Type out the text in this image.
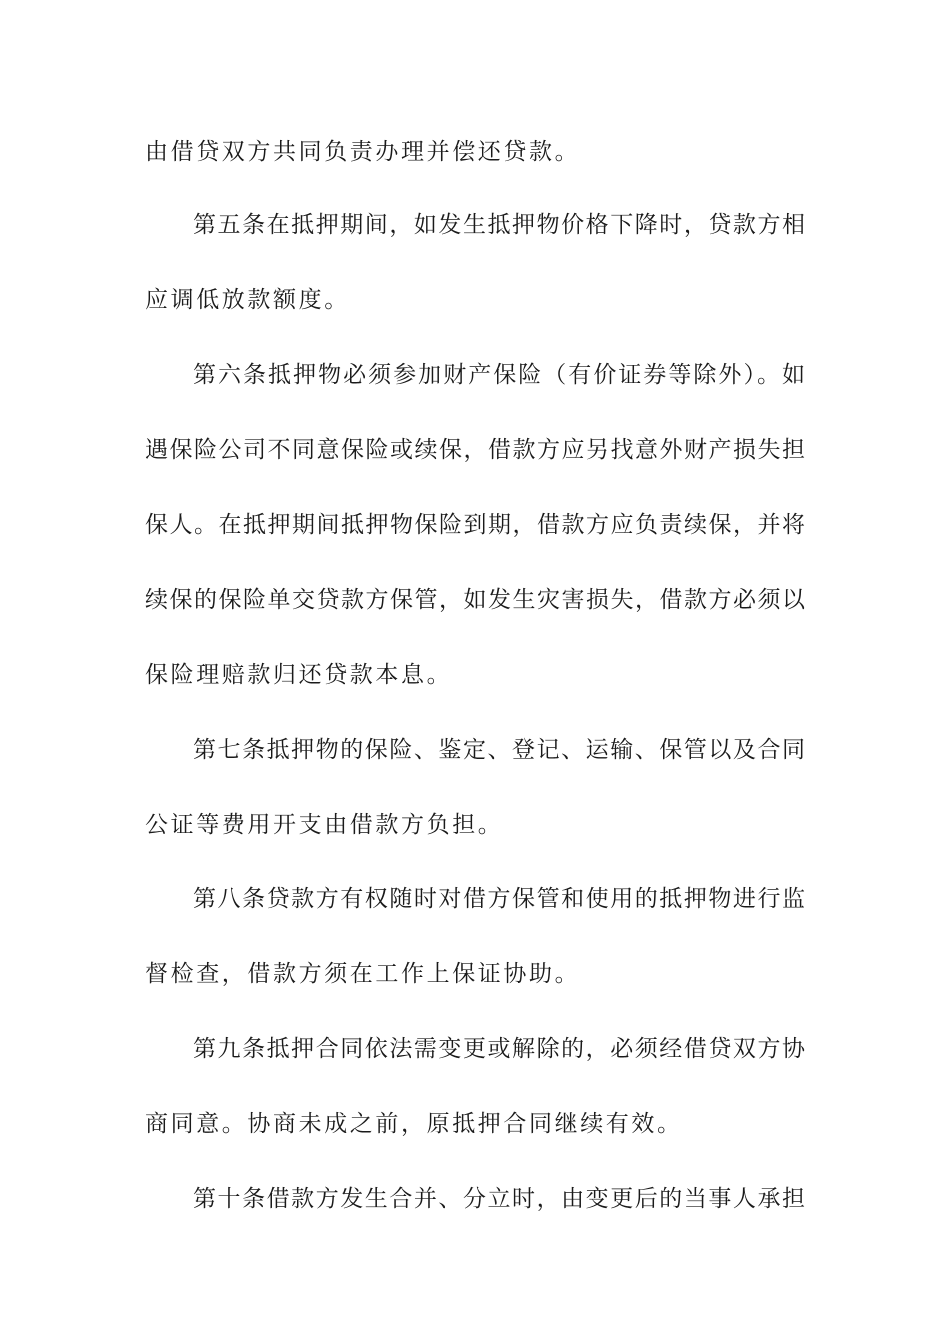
由借贷双方共同负责办理并偿还贷款。
第五条在抵押期间，如发生抵押物价格下降时，贷款方相
应调低放款额度。
第六条抵押物必须参加财产保险（有价证券等除外）。如
遇保险公司不同意保险或续保，借款方应另找意外财产损失担
保人。在抵押期间抵押物保险到期，借款方应负责续保，并将
续保的保险单交贷款方保管，如发生灾害损失，借款方必须以
保险理赔款归还贷款本息。
第七条抵押物的保险、鉴定、登记、运输、保管以及合同
公证等费用开支由借款方负担。
第八条贷款方有权随时对借方保管和使用的抵押物进行监
督检查，借款方须在工作上保证协助。
第九条抵押合同依法需变更或解除的，必须经借贷双方协
商同意。协商未成之前，原抵押合同继续有效。
第十条借款方发生合并、分立时，由变更后的当事人承担
